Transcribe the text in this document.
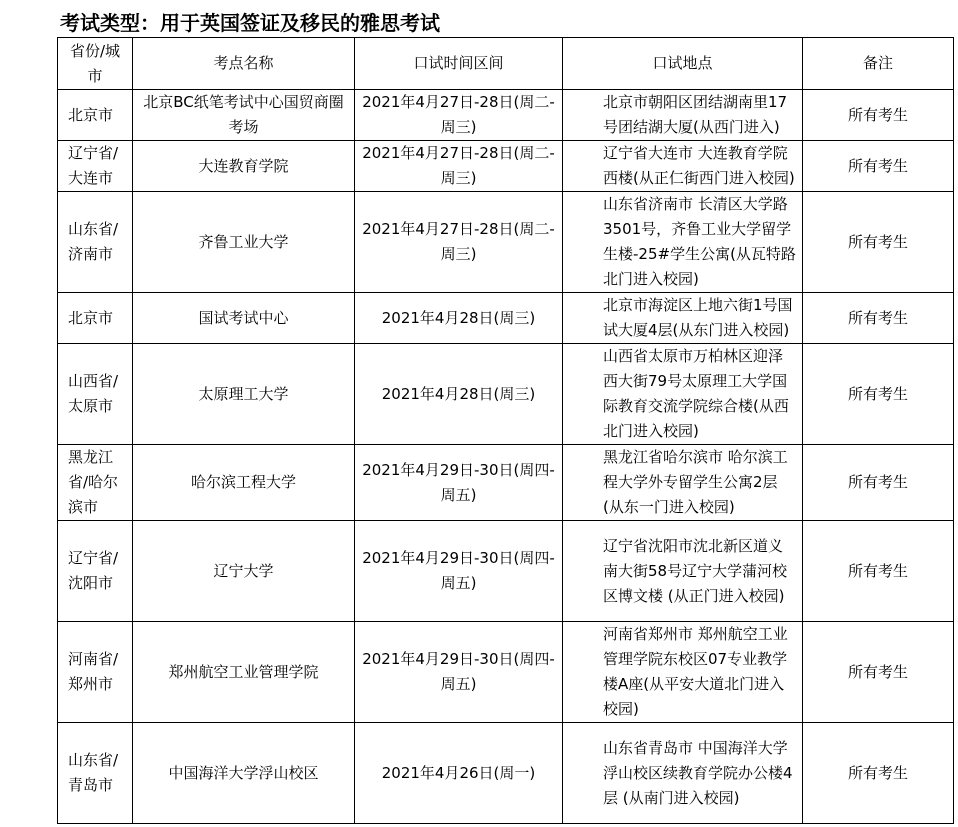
考试类型：用于英国签证及移民的雅思考试
省份/城市	考点名称	口试时间区间	口试地点	备注

北京市	北京BC纸笔考试中心国贸商圈考场	2021年4月27日-28日(周二-周三)	北京市朝阳区团结湖南里17号团结湖大厦(从西门进入)	所有考生

辽宁省/大连市	大连教育学院	2021年4月27日-28日(周二-周三)	辽宁省大连市 大连教育学院西楼(从正仁街西门进入校园)	所有考生

山东省/济南市	齐鲁工业大学	2021年4月27日-28日(周二-周三)	山东省济南市 长清区大学路3501号，齐鲁工业大学留学生楼-25#学生公寓(从瓦特路北门进入校园)	所有考生

北京市	国试考试中心	2021年4月28日(周三)	北京市海淀区上地六街1号国试大厦4层(从东门进入校园)	所有考生

山西省/太原市	太原理工大学	2021年4月28日(周三)	山西省太原市万柏林区迎泽西大街79号太原理工大学国际教育交流学院综合楼(从西北门进入校园)	所有考生

黑龙江省/哈尔滨市	哈尔滨工程大学	2021年4月29日-30日(周四-周五)	黑龙江省哈尔滨市 哈尔滨工程大学外专留学生公寓2层 (从东一门进入校园)	所有考生

辽宁省/沈阳市	辽宁大学	2021年4月29日-30日(周四-周五)	辽宁省沈阳市沈北新区道义南大街58号辽宁大学蒲河校区博文楼 (从正门进入校园)	所有考生

河南省/郑州市	郑州航空工业管理学院	2021年4月29日-30日(周四-周五)	河南省郑州市 郑州航空工业管理学院东校区07专业教学楼A座(从平安大道北门进入校园)	所有考生

山东省/青岛市	中国海洋大学浮山校区	2021年4月26日(周一)	山东省青岛市 中国海洋大学浮山校区续教育学院办公楼4层 (从南门进入校园)	所有考生
